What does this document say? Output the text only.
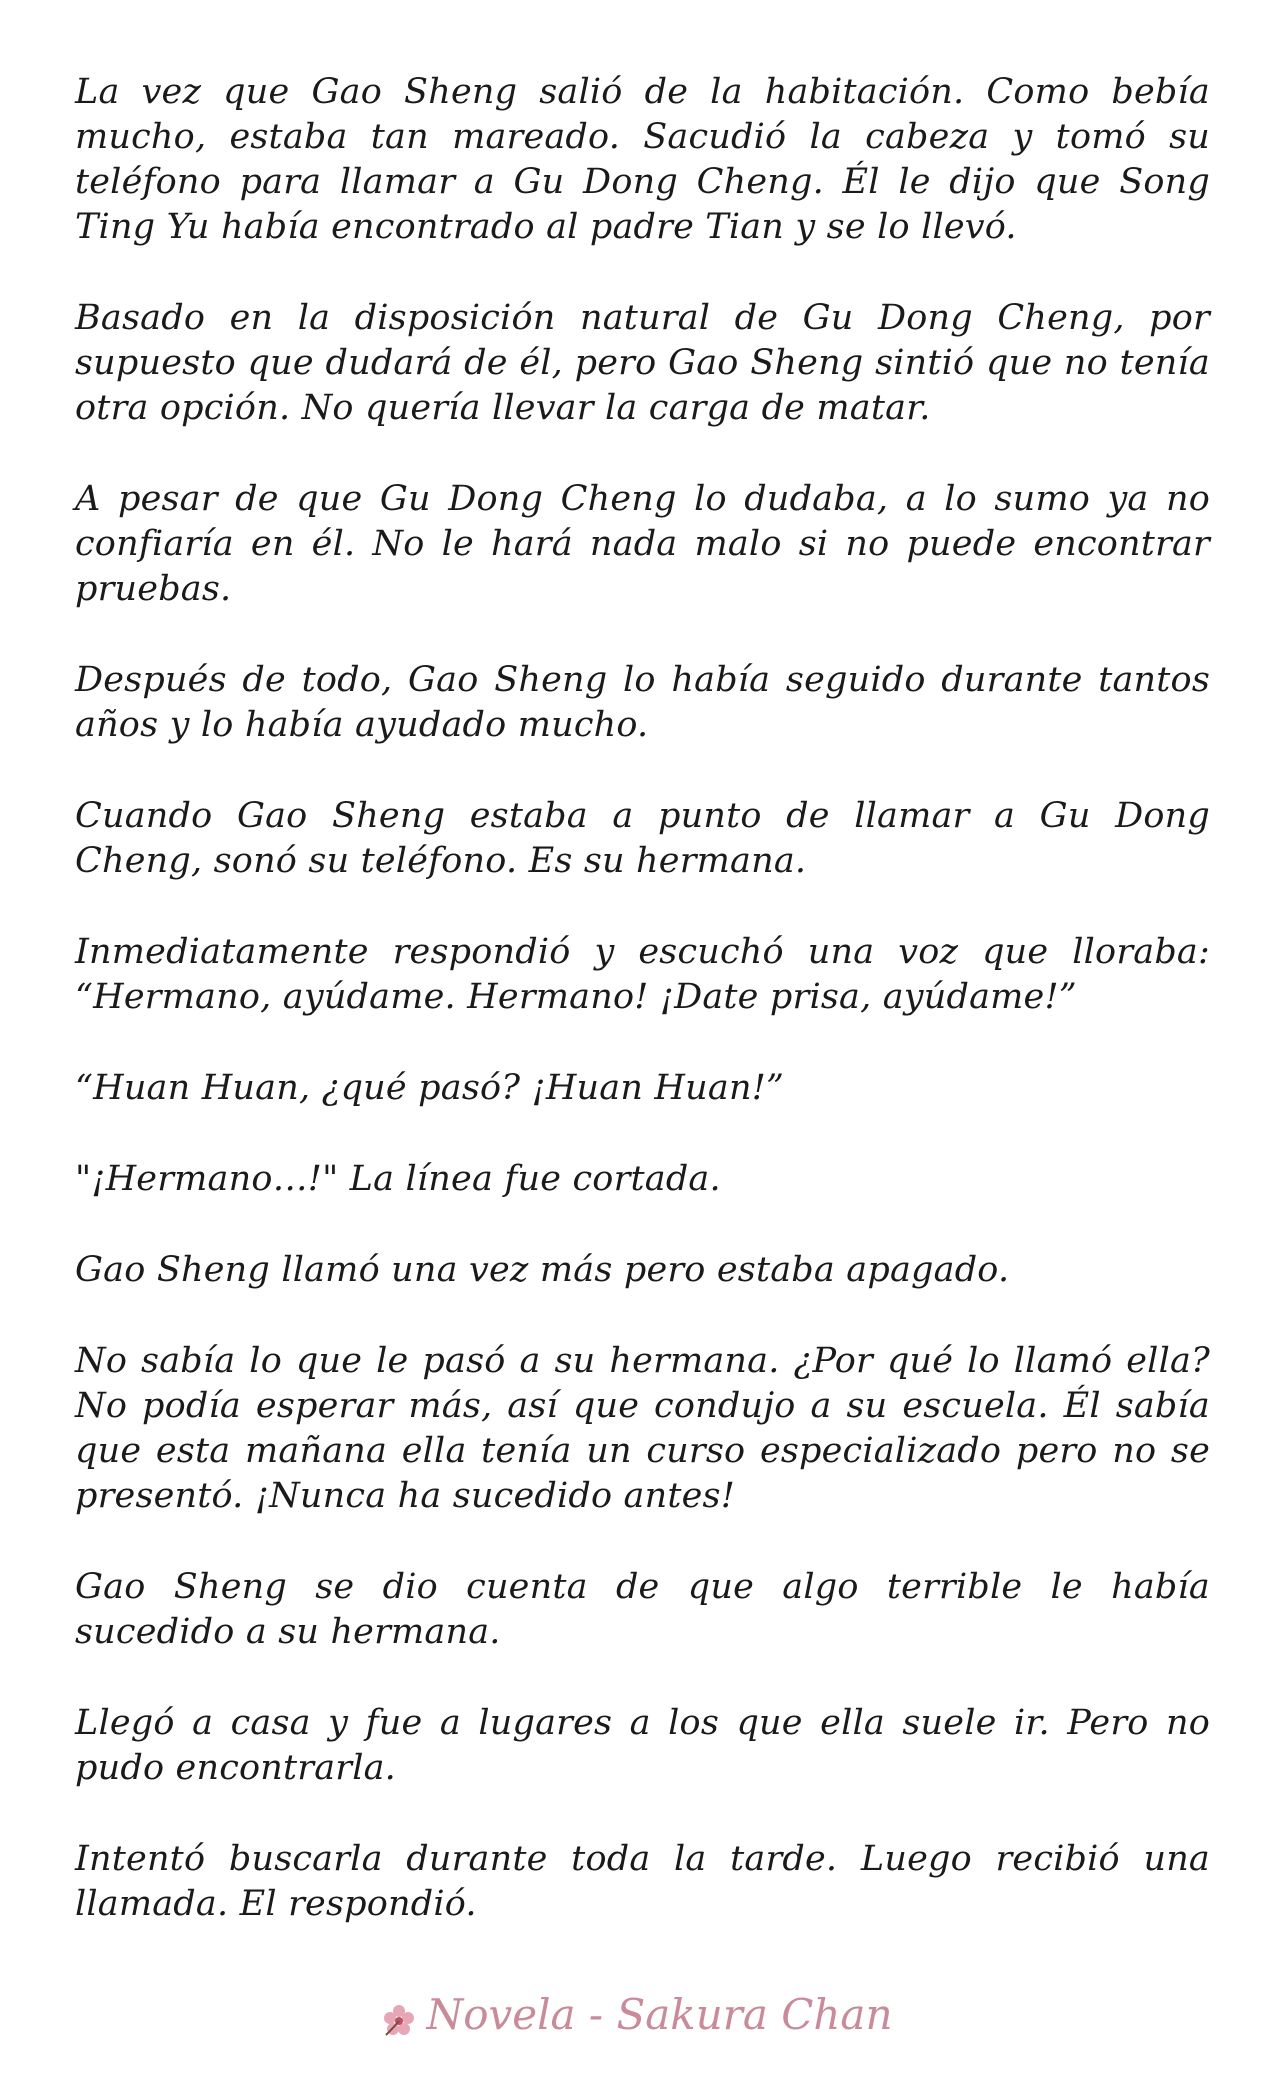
La vez que Gao Sheng salió de la habitación. Como bebía mucho, estaba tan mareado. Sacudió la cabeza y tomó su teléfono para llamar a Gu Dong Cheng. Él le dijo que Song Ting Yu había encontrado al padre Tian y se lo llevó.

Basado en la disposición natural de Gu Dong Cheng, por supuesto que dudará de él, pero Gao Sheng sintió que no tenía otra opción. No quería llevar la carga de matar.

A pesar de que Gu Dong Cheng lo dudaba, a lo sumo ya no confiaría en él. No le hará nada malo si no puede encontrar pruebas.

Después de todo, Gao Sheng lo había seguido durante tantos años y lo había ayudado mucho.

Cuando Gao Sheng estaba a punto de llamar a Gu Dong Cheng, sonó su teléfono. Es su hermana.

Inmediatamente respondió y escuchó una voz que lloraba: “Hermano, ayúdame. Hermano! ¡Date prisa, ayúdame!”

“Huan Huan, ¿qué pasó? ¡Huan Huan!”

"¡Hermano…!" La línea fue cortada.

Gao Sheng llamó una vez más pero estaba apagado.

No sabía lo que le pasó a su hermana. ¿Por qué lo llamó ella? No podía esperar más, así que condujo a su escuela. Él sabía que esta mañana ella tenía un curso especializado pero no se presentó. ¡Nunca ha sucedido antes!

Gao Sheng se dio cuenta de que algo terrible le había sucedido a su hermana.

Llegó a casa y fue a lugares a los que ella suele ir. Pero no pudo encontrarla.

Intentó buscarla durante toda la tarde. Luego recibió una llamada. El respondió.

Novela - Sakura Chan
